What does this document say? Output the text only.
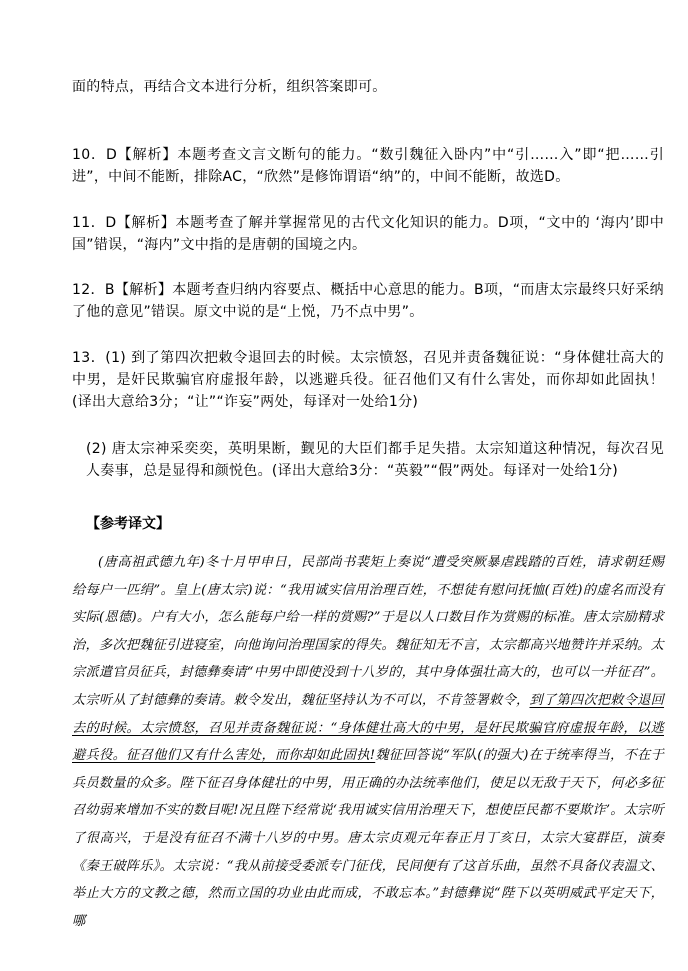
面的特点，再结合文本进行分析，组织答案即可。

10．D【解析】本题考查文言文断句的能力。“数引魏征入卧内”中“引……入”即“把……引进”，中间不能断，排除AC，“欣然”是修饰谓语“纳”的，中间不能断，故选D。

11．D【解析】本题考查了解并掌握常见的古代文化知识的能力。D项，“文中的 ‘海内’即中国”错误，“海内”文中指的是唐朝的国境之内。

12．B【解析】本题考查归纳内容要点、概括中心意思的能力。B项，“而唐太宗最终只好采纳了他的意见”错误。原文中说的是“上悦，乃不点中男”。

13．(1) 到了第四次把敕令退回去的时候。太宗愤怒，召见并责备魏征说：“身体健壮高大的中男，是奸民欺骗官府虚报年龄，以逃避兵役。征召他们又有什么害处，而你却如此固执！(译出大意给3分；“让”“诈妄”两处，每译对一处给1分)

(2) 唐太宗神采奕奕，英明果断，觐见的大臣们都手足失措。太宗知道这种情况，每次召见人奏事，总是显得和颜悦色。(译出大意给3分：“英毅”“假”两处。每译对一处给1分)

【参考译文】

(唐高祖武德九年)冬十月甲申日，民部尚书裴矩上奏说“遭受突厥暴虐践踏的百姓，请求朝廷赐给每户一匹绢”。皇上(唐太宗)说：“我用诚实信用治理百姓，不想徒有慰问抚恤(百姓)的虚名而没有实际(恩德)。户有大小，怎么能每户给一样的赏赐?”于是以人口数目作为赏赐的标准。唐太宗励精求治，多次把魏征引进寝室，向他询问治理国家的得失。魏征知无不言，太宗都高兴地赞许并采纳。太宗派遣官员征兵，封德彝奏请“中男中即使没到十八岁的，其中身体强壮高大的，也可以一并征召”。太宗听从了封德彝的奏请。敕令发出，魏征坚持认为不可以，不肯签署敕令，到了第四次把敕令退回去的时候。太宗愤怒，召见并责备魏征说：“身体健壮高大的中男，是奸民欺骗官府虚报年龄，以逃避兵役。征召他们又有什么害处，而你却如此固执!魏征回答说“军队(的强大)在于统率得当，不在于兵员数量的众多。陛下征召身体健壮的中男，用正确的办法统率他们，使足以无敌于天下，何必多征召幼弱来增加不实的数目呢!况且陛下经常说‘我用诚实信用治理天下，想使臣民都不要欺诈’。太宗听了很高兴，于是没有征召不满十八岁的中男。唐太宗贞观元年春正月丁亥日，太宗大宴群臣，演奏《秦王破阵乐》。太宗说：“我从前接受委派专门征伐，民间便有了这首乐曲，虽然不具备仪表温文、举止大方的文教之德，然而立国的功业由此而成，不敢忘本。”封德彝说“陛下以英明威武平定天下，哪
